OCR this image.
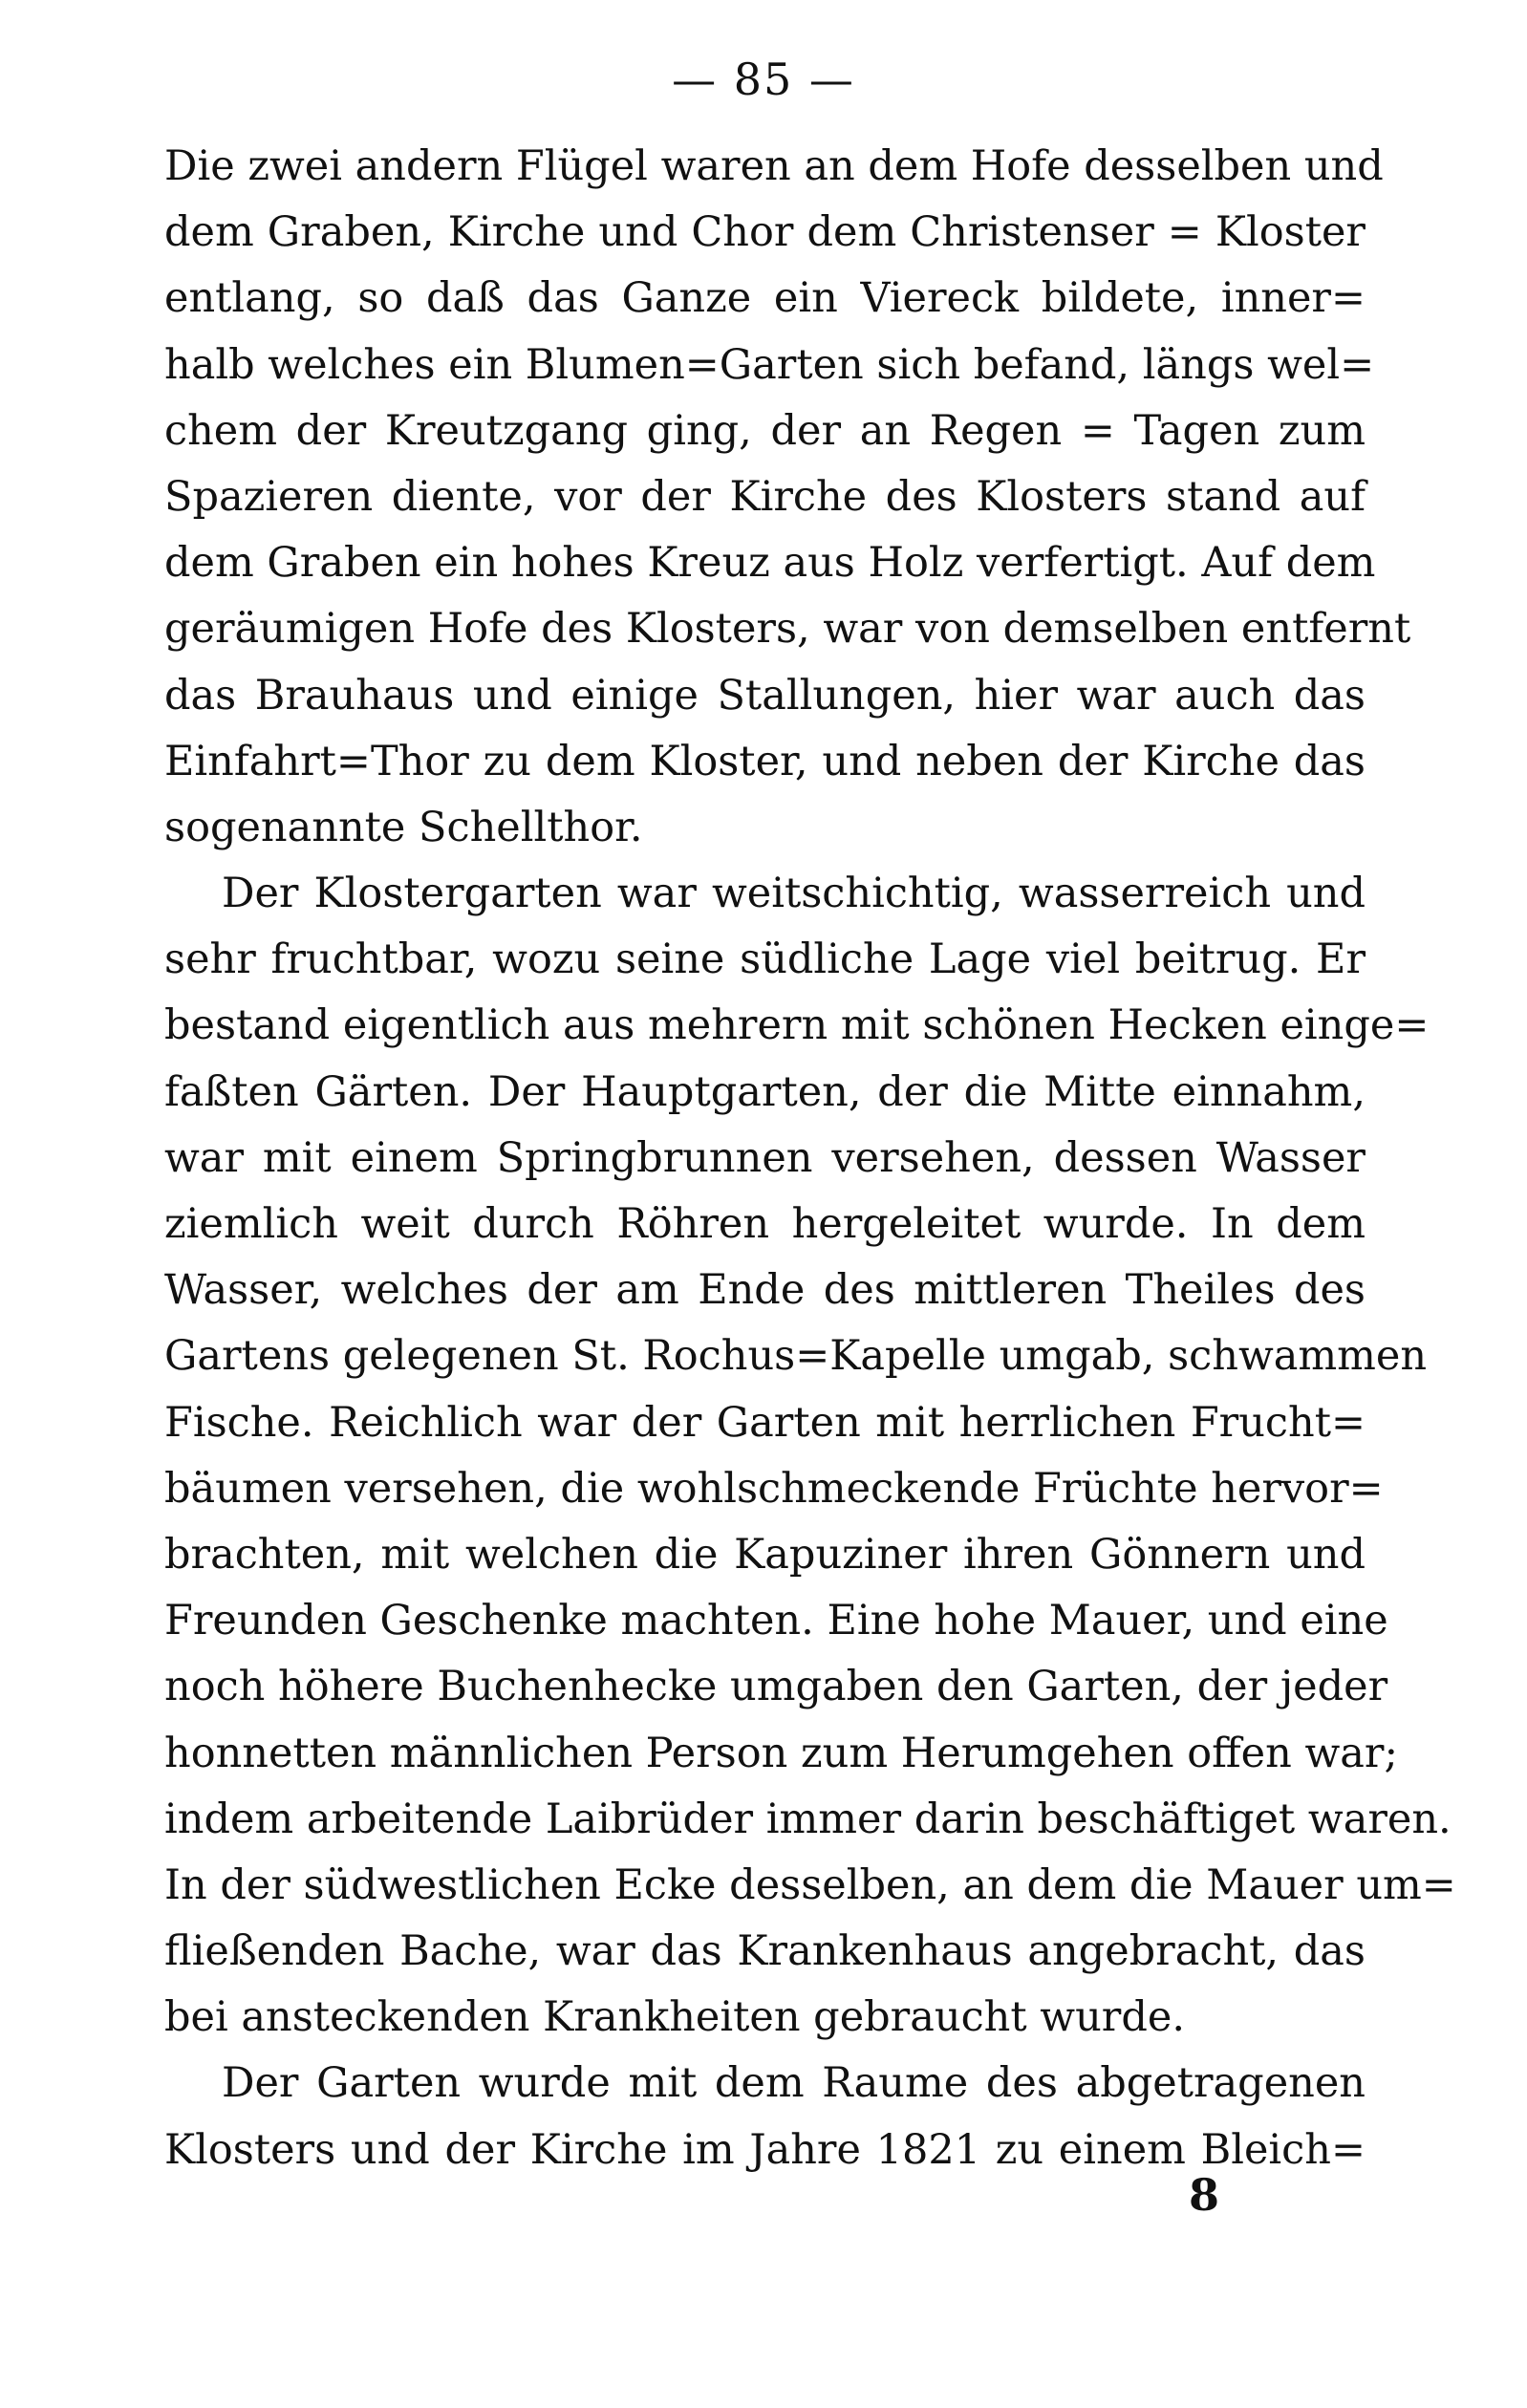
— 85 —
Die zwei andern Flügel waren an dem Hofe desselben und
dem Graben, Kirche und Chor dem Christenser = Kloster
entlang, so daß das Ganze ein Viereck bildete, inner=
halb welches ein Blumen=Garten sich befand, längs wel=
chem der Kreutzgang ging, der an Regen = Tagen zum
Spazieren diente, vor der Kirche des Klosters stand auf
dem Graben ein hohes Kreuz aus Holz verfertigt. Auf dem
geräumigen Hofe des Klosters, war von demselben entfernt
das Brauhaus und einige Stallungen, hier war auch das
Einfahrt=Thor zu dem Kloster, und neben der Kirche das
sogenannte Schellthor.
Der Klostergarten war weitschichtig, wasserreich und
sehr fruchtbar, wozu seine südliche Lage viel beitrug. Er
bestand eigentlich aus mehrern mit schönen Hecken einge=
faßten Gärten. Der Hauptgarten, der die Mitte einnahm,
war mit einem Springbrunnen versehen, dessen Wasser
ziemlich weit durch Röhren hergeleitet wurde. In dem
Wasser, welches der am Ende des mittleren Theiles des
Gartens gelegenen St. Rochus=Kapelle umgab, schwammen
Fische. Reichlich war der Garten mit herrlichen Frucht=
bäumen versehen, die wohlschmeckende Früchte hervor=
brachten, mit welchen die Kapuziner ihren Gönnern und
Freunden Geschenke machten. Eine hohe Mauer, und eine
noch höhere Buchenhecke umgaben den Garten, der jeder
honnetten männlichen Person zum Herumgehen offen war;
indem arbeitende Laibrüder immer darin beschäftiget waren.
In der südwestlichen Ecke desselben, an dem die Mauer um=
fließenden Bache, war das Krankenhaus angebracht, das
bei ansteckenden Krankheiten gebraucht wurde.
Der Garten wurde mit dem Raume des abgetragenen
Klosters und der Kirche im Jahre 1821 zu einem Bleich=
8
